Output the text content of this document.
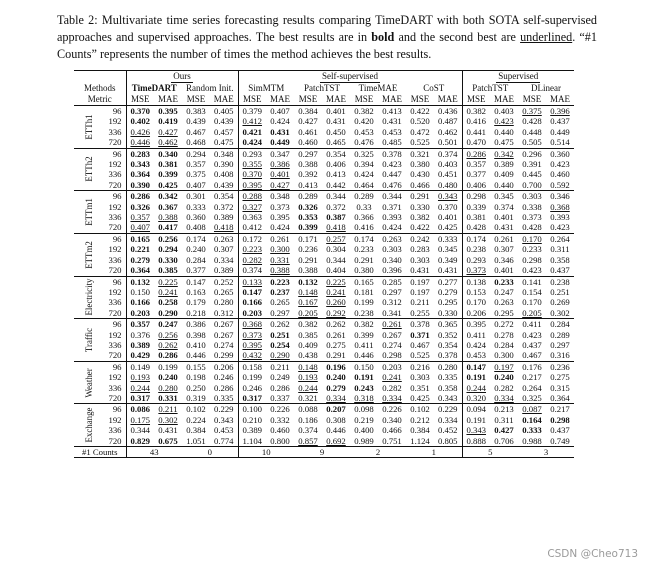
Table 2: Multivariate time series forecasting results comparing TimeDART with both SOTA self-supervised approaches and supervised approaches. The best results are in bold and the second best are underlined. “#1 Counts” represents the number of times the method achieves the best results.
		Ours				Self-supervised								Supervised			
Methods		TimeDART		Random Init.		SimMTM		PatchTST		TimeMAE		CoST		PatchTST		DLinear	
Metric		MSE	MAE	MSE	MAE	MSE	MAE	MSE	MAE	MSE	MAE	MSE	MAE	MSE	MAE	MSE	MAE

ETTh1	96	0.370	0.395	0.383	0.405	0.379	0.407	0.384	0.401	0.382	0.413	0.422	0.436	0.382	0.403	0.375	0.396
	192	0.402	0.419	0.439	0.439	0.412	0.424	0.427	0.431	0.420	0.431	0.520	0.487	0.416	0.423	0.428	0.437
	336	0.426	0.427	0.467	0.457	0.421	0.431	0.461	0.450	0.453	0.453	0.472	0.462	0.441	0.440	0.448	0.449
	720	0.446	0.462	0.468	0.475	0.424	0.449	0.460	0.465	0.476	0.485	0.525	0.501	0.470	0.475	0.505	0.514

ETTh2	96	0.283	0.340	0.294	0.348	0.293	0.347	0.297	0.354	0.325	0.378	0.321	0.374	0.286	0.342	0.296	0.360
	192	0.343	0.381	0.357	0.390	0.355	0.386	0.388	0.406	0.394	0.423	0.380	0.403	0.357	0.389	0.391	0.423
	336	0.364	0.399	0.375	0.408	0.370	0.401	0.392	0.413	0.424	0.447	0.430	0.451	0.377	0.409	0.445	0.460
	720	0.390	0.425	0.407	0.439	0.395	0.427	0.413	0.442	0.464	0.476	0.466	0.480	0.406	0.440	0.700	0.592

ETTm1	96	0.286	0.342	0.301	0.354	0.288	0.348	0.289	0.344	0.289	0.344	0.291	0.343	0.298	0.345	0.303	0.346
	192	0.326	0.367	0.333	0.372	0.327	0.373	0.326	0.372	0.33	0.371	0.330	0.370	0.339	0.374	0.338	0.368
	336	0.357	0.388	0.360	0.389	0.363	0.395	0.353	0.387	0.366	0.393	0.382	0.401	0.381	0.401	0.373	0.393
	720	0.407	0.417	0.408	0.418	0.412	0.424	0.399	0.418	0.416	0.424	0.422	0.425	0.428	0.431	0.428	0.423

ETTm2	96	0.165	0.256	0.174	0.263	0.172	0.261	0.171	0.257	0.174	0.263	0.242	0.333	0.174	0.261	0.170	0.264
	192	0.221	0.294	0.240	0.307	0.223	0.300	0.236	0.304	0.233	0.303	0.283	0.345	0.238	0.307	0.233	0.311
	336	0.279	0.330	0.284	0.334	0.282	0.331	0.291	0.344	0.291	0.340	0.303	0.349	0.293	0.346	0.298	0.358
	720	0.364	0.385	0.377	0.389	0.374	0.388	0.388	0.404	0.380	0.396	0.431	0.431	0.373	0.401	0.423	0.437

Electricity	96	0.132	0.225	0.147	0.252	0.133	0.223	0.132	0.225	0.165	0.285	0.197	0.277	0.138	0.233	0.141	0.238
	192	0.150	0.241	0.163	0.265	0.147	0.237	0.148	0.241	0.181	0.297	0.197	0.279	0.153	0.247	0.154	0.251
	336	0.166	0.258	0.179	0.280	0.166	0.265	0.167	0.260	0.199	0.312	0.211	0.295	0.170	0.263	0.170	0.269
	720	0.203	0.290	0.218	0.312	0.203	0.297	0.205	0.292	0.238	0.341	0.255	0.330	0.206	0.295	0.205	0.302

Traffic	96	0.357	0.247	0.386	0.267	0.368	0.262	0.382	0.262	0.382	0.261	0.378	0.365	0.395	0.272	0.411	0.284
	192	0.376	0.256	0.398	0.267	0.373	0.251	0.385	0.261	0.399	0.267	0.371	0.352	0.411	0.278	0.423	0.289
	336	0.389	0.262	0.410	0.274	0.395	0.254	0.409	0.275	0.411	0.274	0.467	0.354	0.424	0.284	0.437	0.297
	720	0.429	0.286	0.446	0.299	0.432	0.290	0.438	0.291	0.446	0.298	0.525	0.378	0.453	0.300	0.467	0.316

Weather	96	0.149	0.199	0.155	0.206	0.158	0.211	0.148	0.196	0.150	0.203	0.216	0.280	0.147	0.197	0.176	0.236
	192	0.193	0.240	0.198	0.246	0.199	0.249	0.193	0.240	0.191	0.241	0.303	0.335	0.191	0.240	0.217	0.275
	336	0.244	0.280	0.250	0.286	0.246	0.286	0.244	0.279	0.243	0.282	0.351	0.358	0.244	0.282	0.264	0.315
	720	0.317	0.331	0.319	0.335	0.317	0.337	0.321	0.334	0.318	0.334	0.425	0.343	0.320	0.334	0.325	0.364

Exchange	96	0.086	0.211	0.102	0.229	0.100	0.226	0.088	0.207	0.098	0.226	0.102	0.229	0.094	0.213	0.087	0.217
	192	0.175	0.302	0.224	0.343	0.210	0.332	0.186	0.308	0.219	0.340	0.212	0.334	0.191	0.311	0.164	0.298
	336	0.344	0.431	0.384	0.453	0.389	0.460	0.374	0.446	0.400	0.466	0.384	0.452	0.343	0.427	0.333	0.437
	720	0.829	0.675	1.051	0.774	1.104	0.800	0.857	0.692	0.989	0.751	1.124	0.805	0.888	0.706	0.988	0.749
#1 Counts		43		0		10		9		2		1		5		3	
CSDN @Cheo713
